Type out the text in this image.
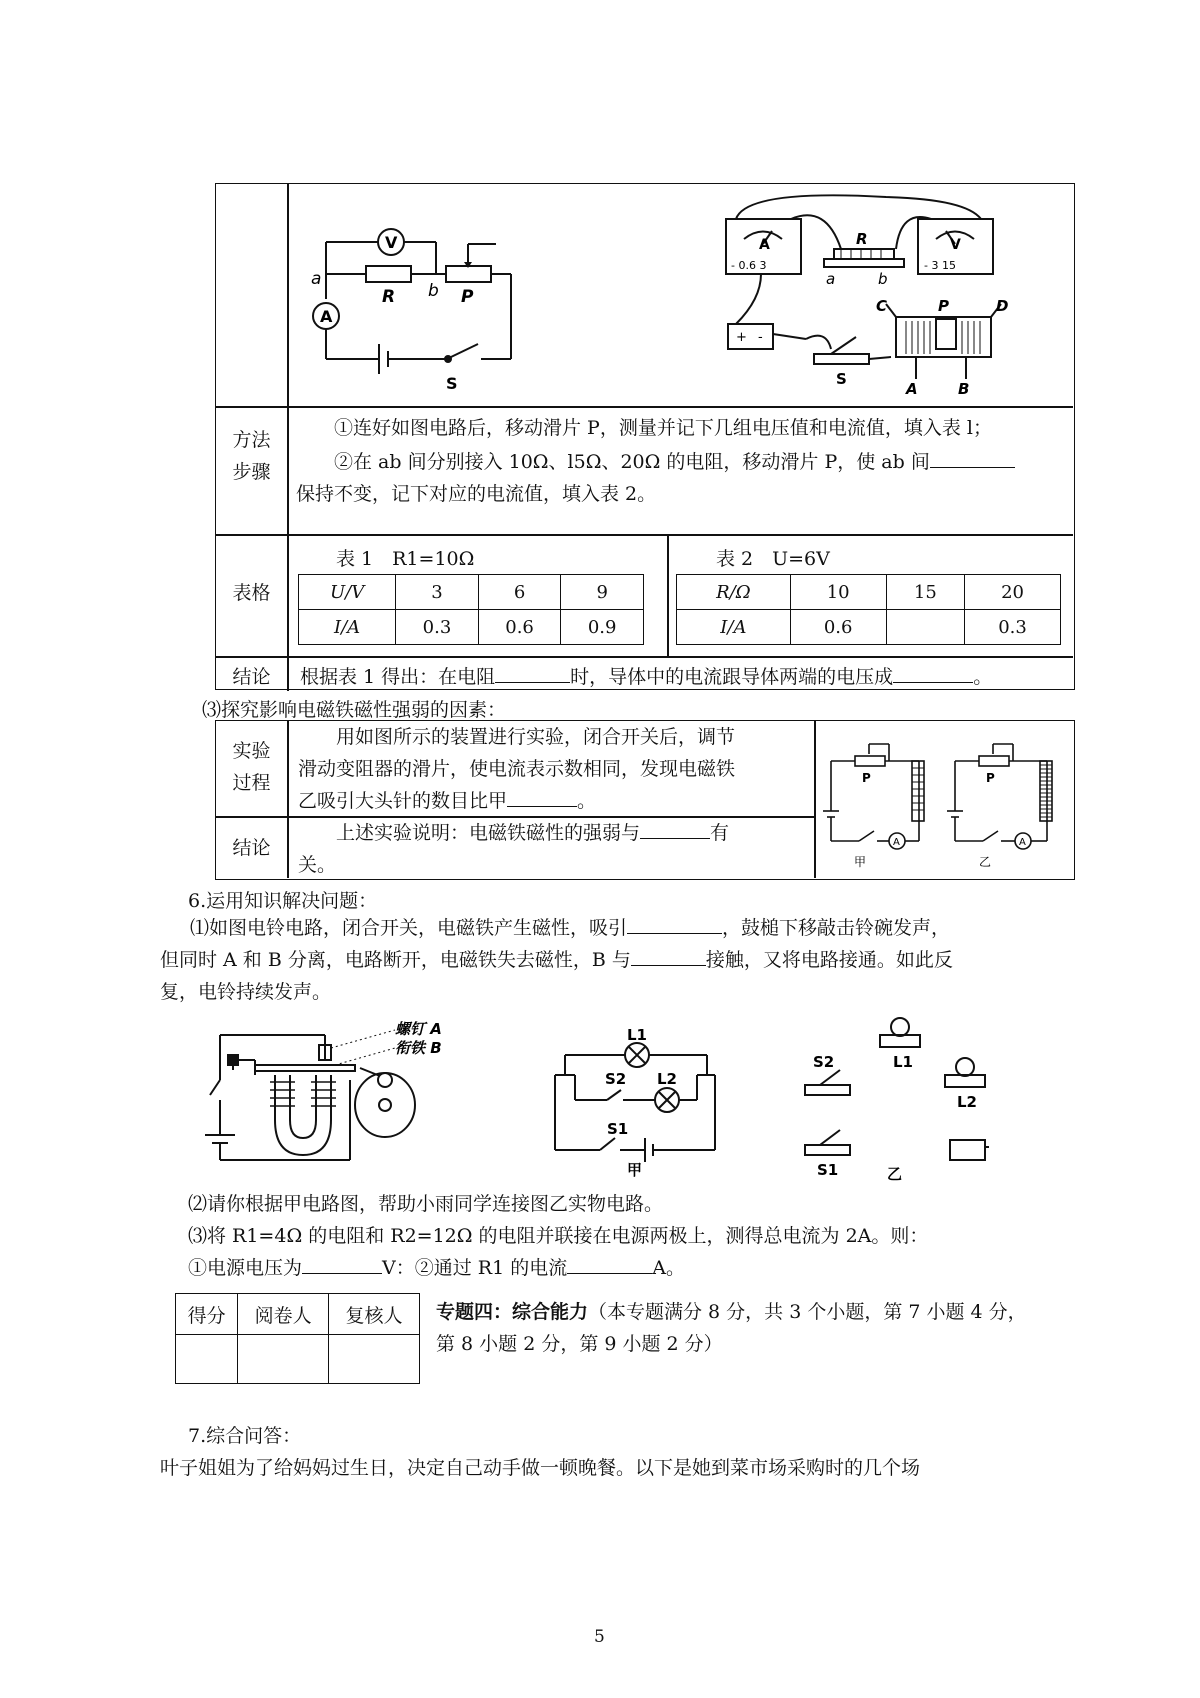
V
A
R	P
a
b
S
A	V
- 0.6 3	- 3 15
R
a	b
+ -
S
C	P	D
A	B
方法
步骤
①连好如图电路后，移动滑片 P，测量并记下几组电压值和电流值，填入表 l；
②在 ab 间分别接入 10Ω、l5Ω、20Ω 的电阻，移动滑片 P，使 ab 间
保持不变，记下对应的电流值，填入表 2。
表格
表 1　R1=10Ω
U/V	3	6	9
I/A	0.3	0.6	0.9
表 2　U=6V
R/Ω	10	15	20
I/A	0.6		0.3
结论	根据表 1 得出：在电阻	时，导体中的电流跟导体两端的电压成	。
⑶探究影响电磁铁磁性强弱的因素：
实验
过程
用如图所示的装置进行实验，闭合开关后，调节
滑动变阻器的滑片，使电流表示数相同，发现电磁铁
乙吸引大头针的数目比甲	。
结论
上述实验说明：电磁铁磁性的强弱与	有
关。
P	P
A	A
甲	乙
6.运用知识解决问题：
⑴如图电铃电路，闭合开关，电磁铁产生磁性，吸引	，鼓槌下移敲击铃碗发声，
但同时 A 和 B 分离，电路断开，电磁铁失去磁性，B 与	接触，又将电路接通。如此反
复，电铃持续发声。
螺钉 A
衔铁 B
L1
L2
S2
S1
甲
L1
L2
S2
S1	乙
⑵请你根据甲电路图，帮助小雨同学连接图乙实物电路。
⑶将 R1=4Ω 的电阻和 R2=12Ω 的电阻并联接在电源两极上，测得总电流为 2A。则：
①电源电压为	V：②通过 R1 的电流	A。
得分	阅卷人	复核人
		专题四：综合能力（本专题满分 8 分，共 3 个小题，第 7 小题 4 分，
第 8 小题 2 分，第 9 小题 2 分）
7.综合问答：
叶子姐姐为了给妈妈过生日，决定自己动手做一顿晚餐。以下是她到菜市场采购时的几个场
5
